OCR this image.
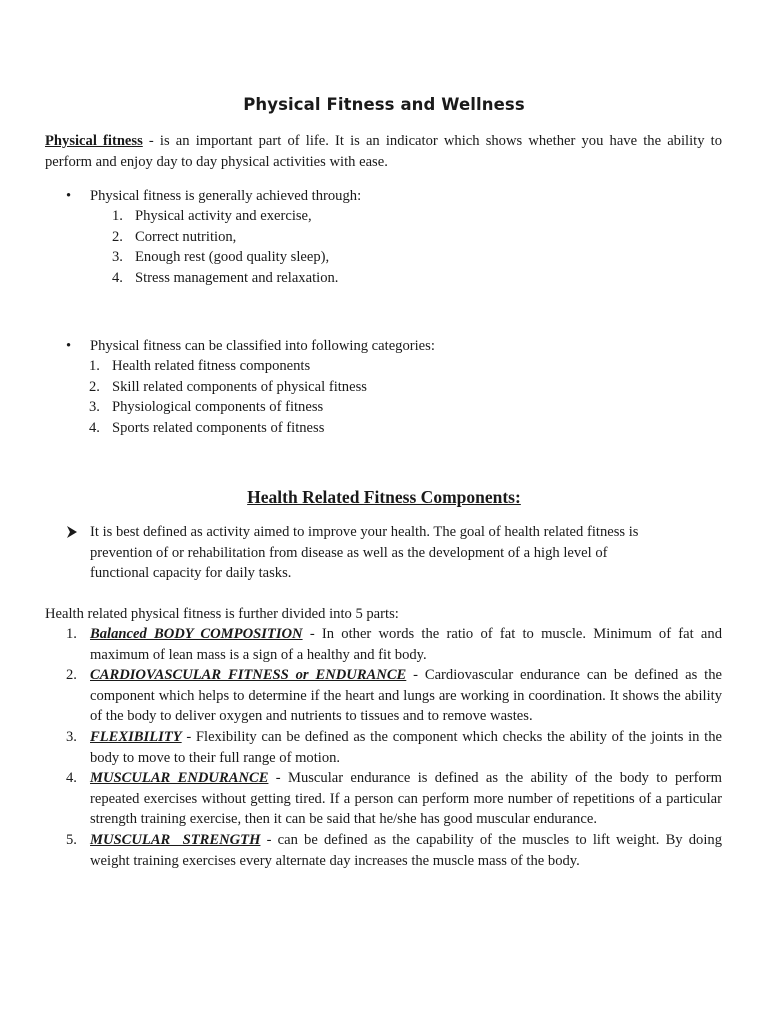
Physical Fitness and Wellness

Physical fitness - is an important part of life. It is an indicator which shows whether you have the ability to perform and enjoy day to day physical activities with ease.

•	Physical fitness is generally achieved through:
1. Physical activity and exercise,
2. Correct nutrition,
3. Enough rest (good quality sleep),
4. Stress management and relaxation.
•	Physical fitness can be classified into following categories:
1. Health related fitness components
2. Skill related components of physical fitness
3. Physiological components of fitness
4. Sports related components of fitness
Health Related Fitness Components:
It is best defined as activity aimed to improve your health. The goal of health related fitness is prevention of or rehabilitation from disease as well as the development of a high level of functional capacity for daily tasks.

Health related physical fitness is further divided into 5 parts:

1. Balanced BODY COMPOSITION - In other words the ratio of fat to muscle. Minimum of fat and maximum of lean mass is a sign of a healthy and fit body.
2. CARDIOVASCULAR FITNESS or ENDURANCE - Cardiovascular endurance can be defined as the component which helps to determine if the heart and lungs are working in coordination. It shows the ability of the body to deliver oxygen and nutrients to tissues and to remove wastes.
3. FLEXIBILITY - Flexibility can be defined as the component which checks the ability of the joints in the body to move to their full range of motion.
4. MUSCULAR ENDURANCE - Muscular endurance is defined as the ability of the body to perform repeated exercises without getting tired. If a person can perform more number of repetitions of a particular strength training exercise, then it can be said that he/she has good muscular endurance.
5. MUSCULAR  STRENGTH - can be defined as the capability of the muscles to lift weight. By doing weight training exercises every alternate day increases the muscle mass of the body.
